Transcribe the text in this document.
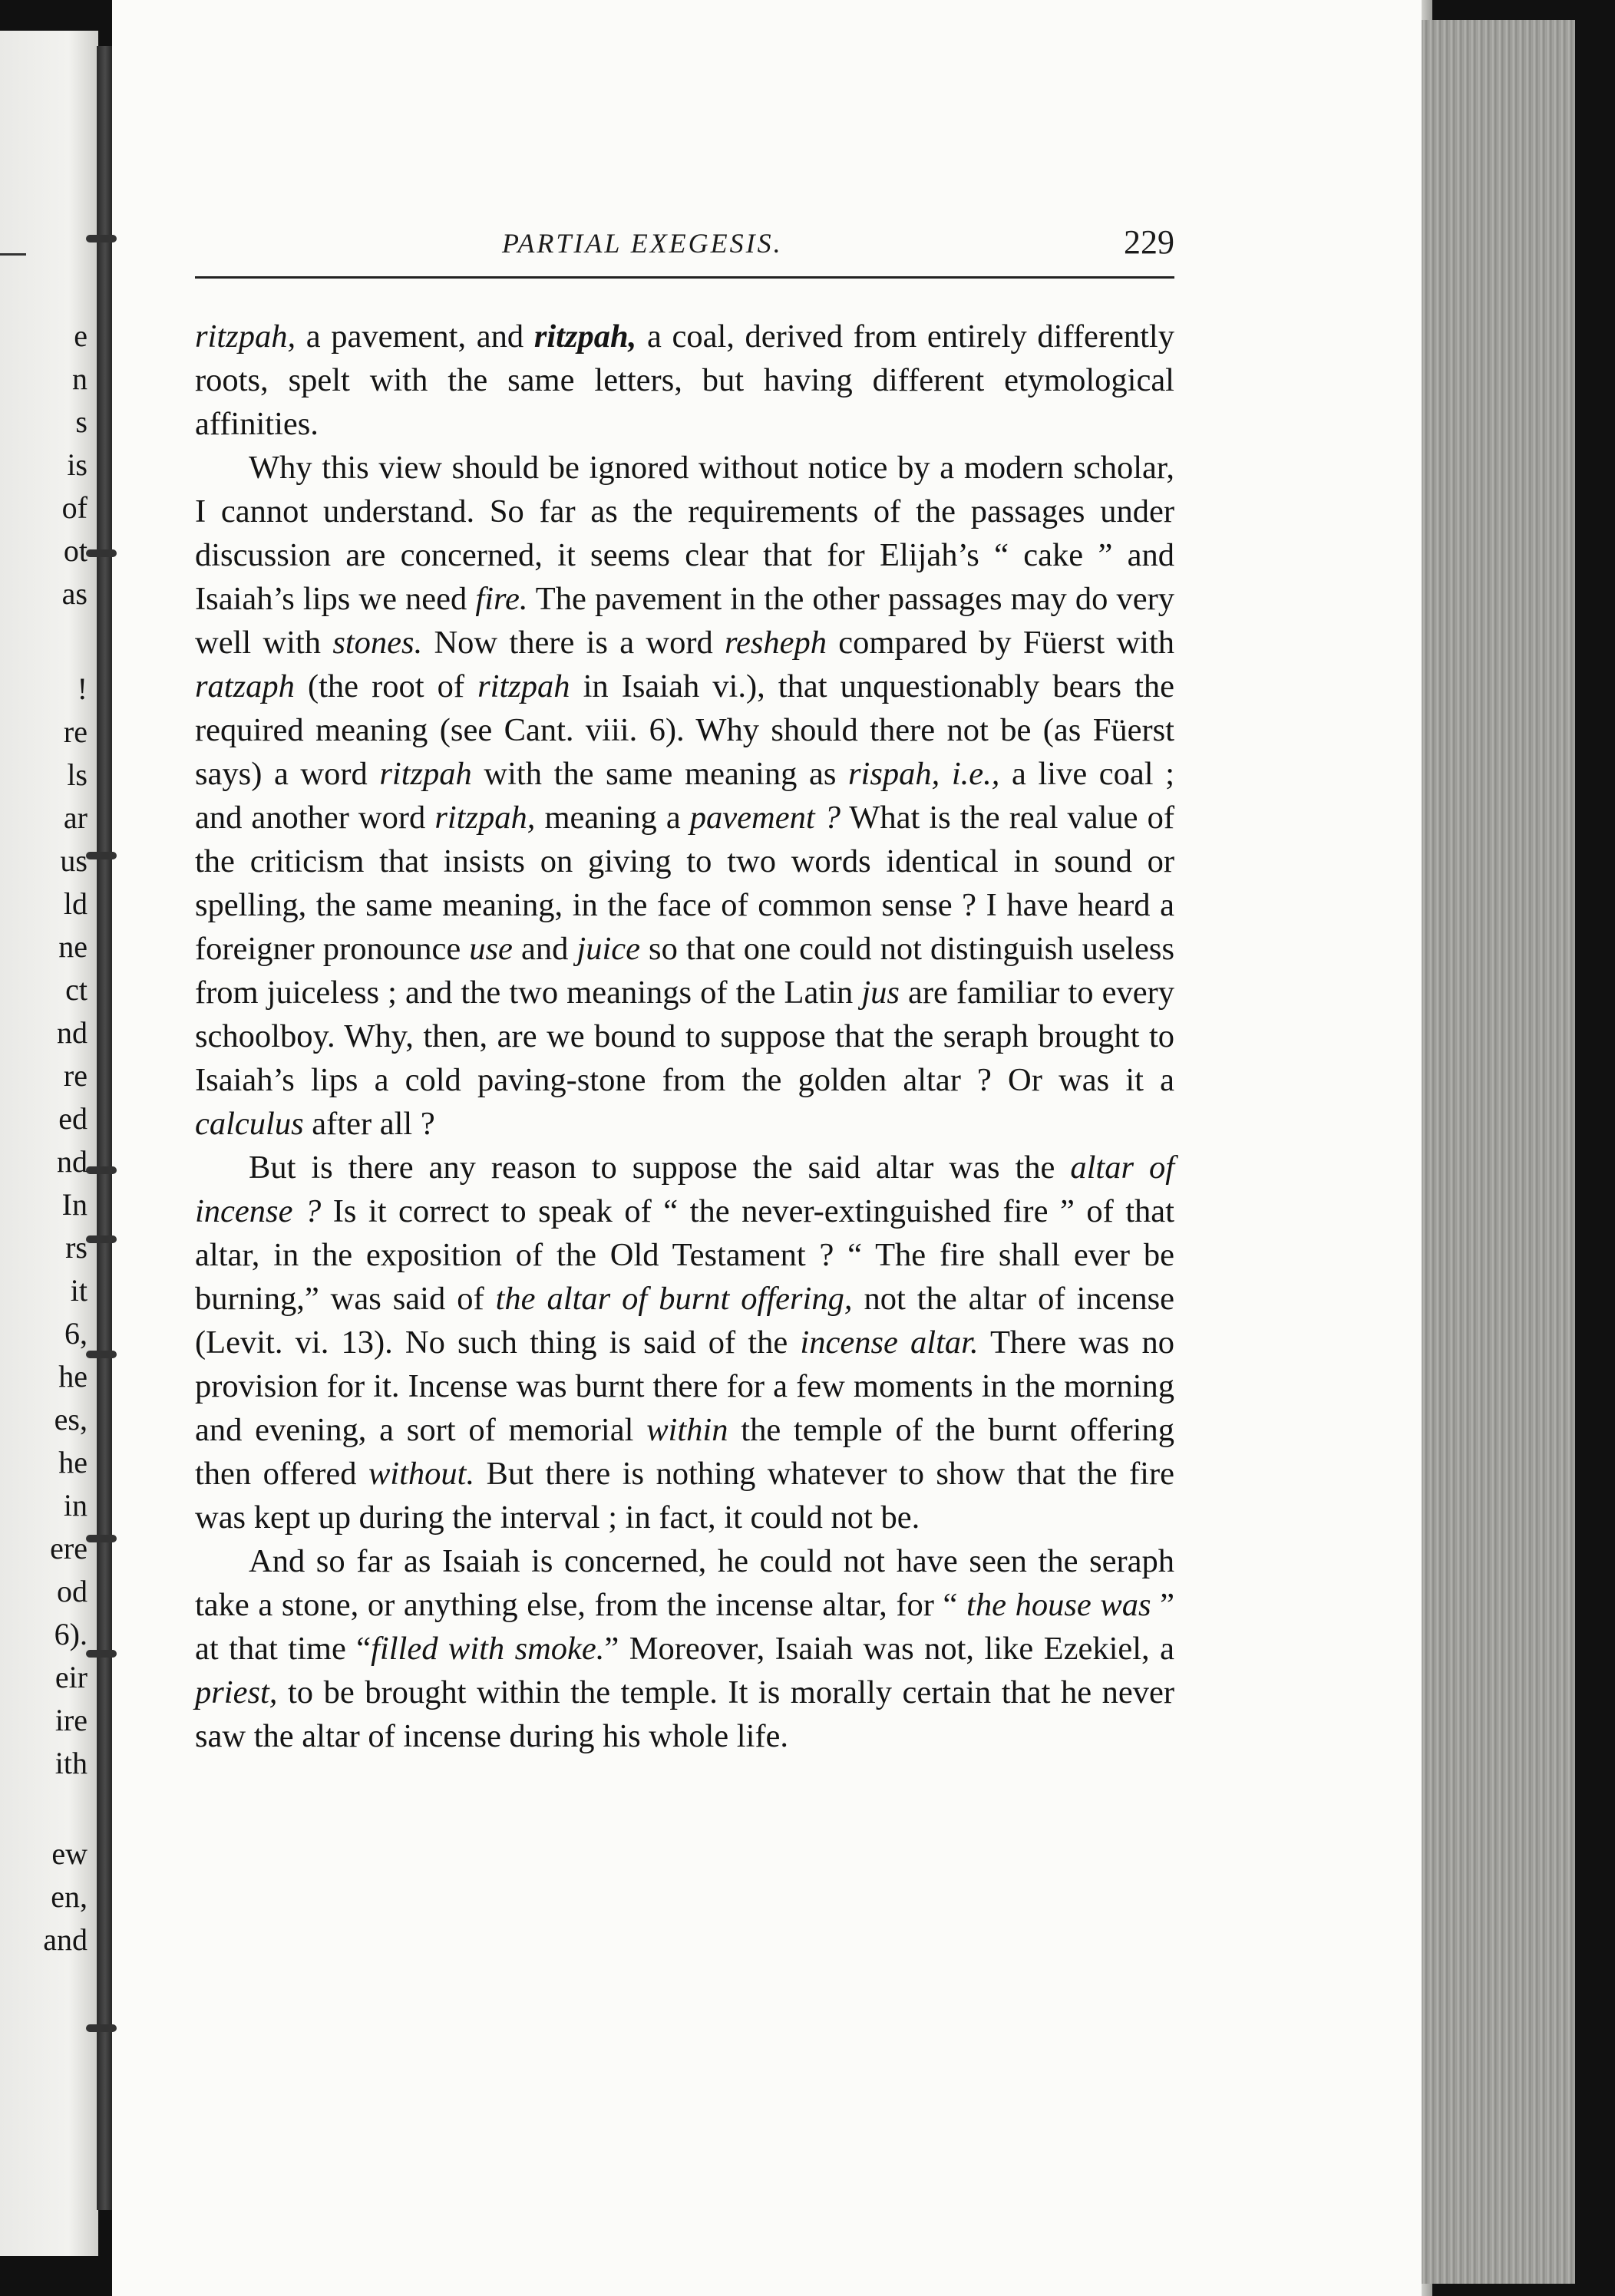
e
n
s
is
of
ot
as
!
re
ls
ar
us
ld
ne
ct
nd
re
ed
nd
In
rs
it
6,
he
es,
he
in
ere
od
6).
eir
ire
ith
ew
en,
and
PARTIAL EXEGESIS.	229

ritzpah, a pavement, and ritzpah, a coal, derived from entirely differently roots, spelt with the same letters, but having different etymological affinities.

Why this view should be ignored without notice by a modern scholar, I cannot understand. So far as the requirements of the passages under discussion are concerned, it seems clear that for Elijah’s “ cake ” and Isaiah’s lips we need fire. The pavement in the other passages may do very well with stones. Now there is a word resheph compared by Füerst with ratzaph (the root of ritzpah in Isaiah vi.), that unquestionably bears the required meaning (see Cant. viii. 6). Why should there not be (as Füerst says) a word ritzpah with the same meaning as rispah, i.e., a live coal ; and another word ritzpah, meaning a pavement ? What is the real value of the criticism that insists on giving to two words identical in sound or spelling, the same meaning, in the face of common sense ? I have heard a foreigner pronounce use and juice so that one could not distinguish useless from juiceless ; and the two meanings of the Latin jus are familiar to every schoolboy. Why, then, are we bound to suppose that the seraph brought to Isaiah’s lips a cold paving-stone from the golden altar ? Or was it a calculus after all ?

But is there any reason to suppose the said altar was the altar of incense ? Is it correct to speak of “ the never-extinguished fire ” of that altar, in the exposition of the Old Testament ? “ The fire shall ever be burning,” was said of the altar of burnt offering, not the altar of incense (Levit. vi. 13). No such thing is said of the incense altar. There was no provision for it. Incense was burnt there for a few moments in the morning and evening, a sort of memorial within the temple of the burnt offering then offered without. But there is nothing whatever to show that the fire was kept up during the interval ; in fact, it could not be.

And so far as Isaiah is concerned, he could not have seen the seraph take a stone, or anything else, from the incense altar, for “ the house was ” at that time “filled with smoke.” Moreover, Isaiah was not, like Ezekiel, a priest, to be brought within the temple. It is morally certain that he never saw the altar of incense during his whole life.
